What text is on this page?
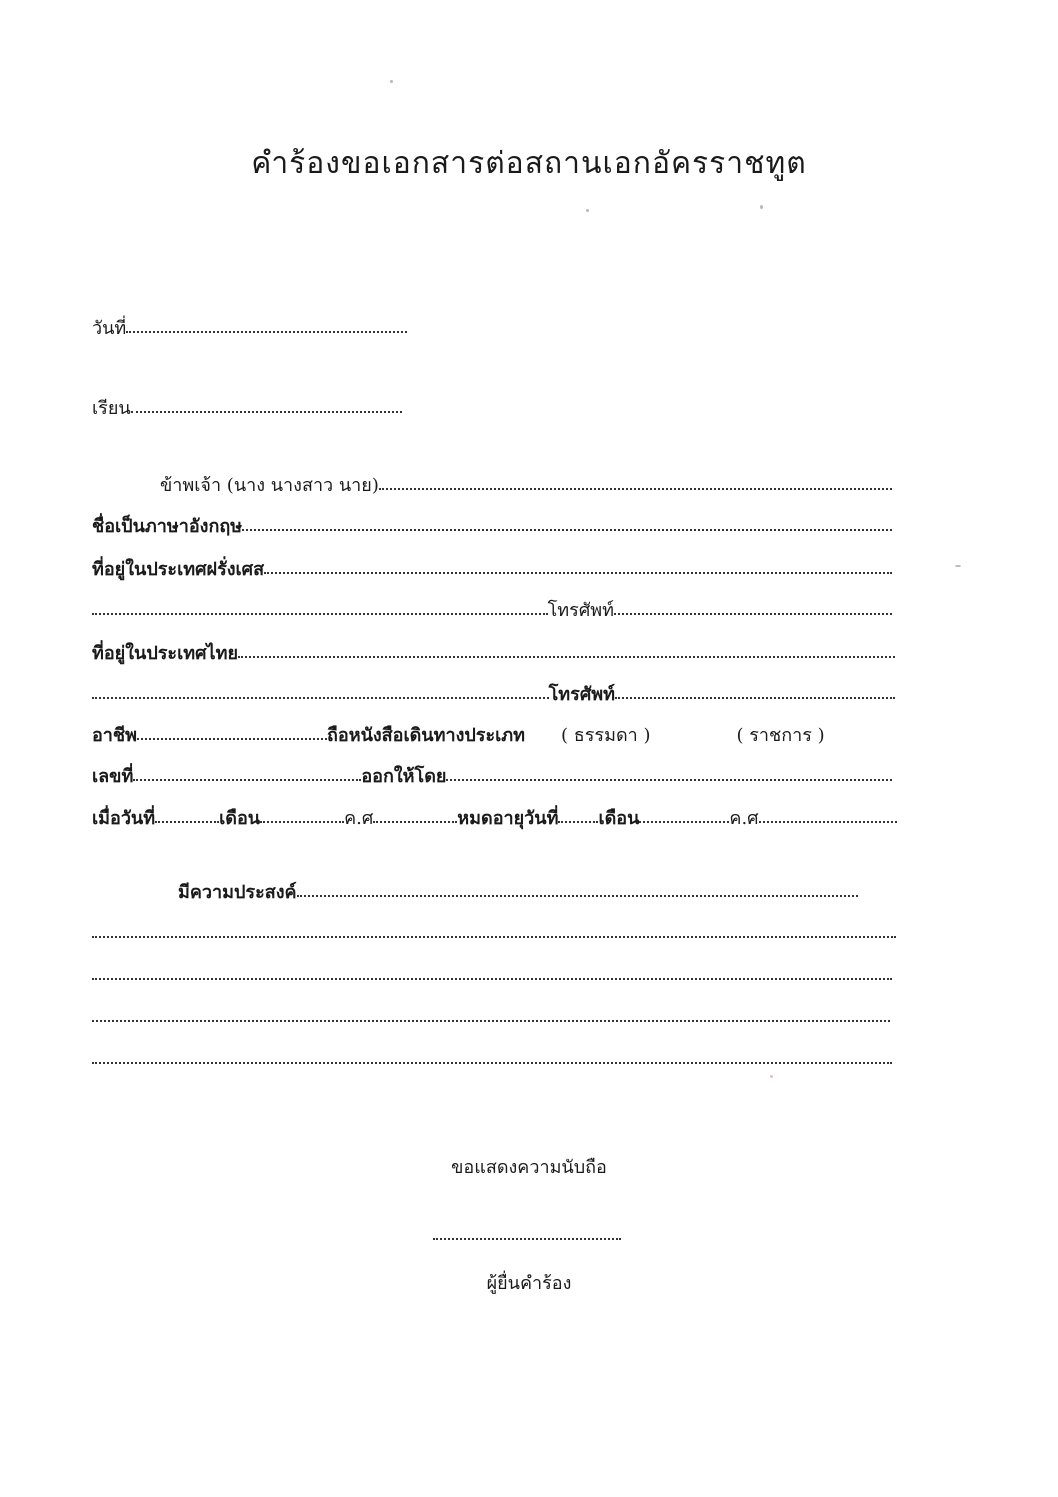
คำร้องขอเอกสารต่อสถานเอกอัครราชทูต
วันที่
เรียน
ข้าพเจ้า (นาง นางสาว นาย)
ชื่อเป็นภาษาอังกฤษ
ที่อยู่ในประเทศฝรั่งเศส
โทรศัพท์
ที่อยู่ในประเทศไทย
โทรศัพท์
อาชีพ	ถือหนังสือเดินทางประเภท ( ธรรมดา )	( ราชการ )
เลขที่	ออกให้โดย
เมื่อวันที่	เดือน	ค.ศ	หมดอายุวันที่ เดือน	ค.ศ
มีความประสงค์
ขอแสดงความนับถือ
ผู้ยื่นคำร้อง
